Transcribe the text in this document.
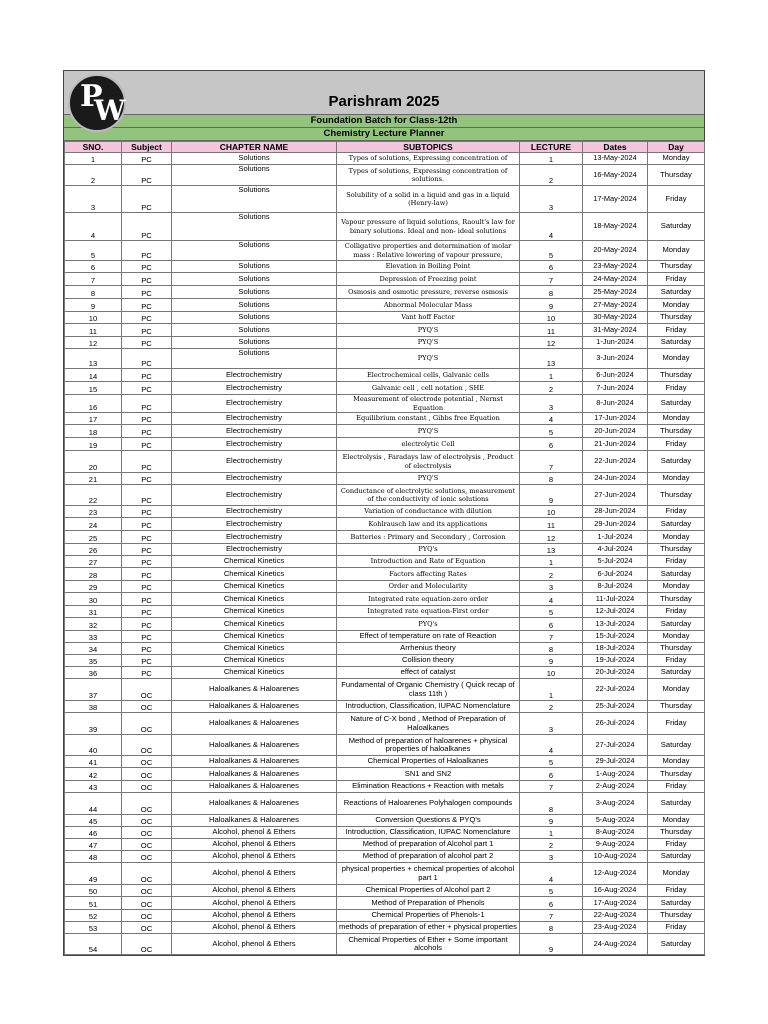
P
W	Parishram 2025
Foundation Batch for Class-12th
Chemistry Lecture Planner
SNO.	Subject	CHAPTER NAME	SUBTOPICS	LECTURE	Dates	Day
1	PC	Solutions	Types of solutions, Expressing concentration of	1	13-May-2024	Monday
2	PC	Solutions	Types of solutions, Expressing concentration of solutions.	2	16-May-2024	Thursday
3	PC	Solutions	Solubility of a solid in a liquid and gas in a liquid (Henry-law)	3	17-May-2024	Friday
4	PC	Solutions	Vapour pressure of liquid solutions, Raoult's law for binary solutions. Ideal and non- ideal solutions	4	18-May-2024	Saturday
5	PC	Solutions	Colligative properties and determination of molar mass : Relative lowering of vapour pressure,	5	20-May-2024	Monday
6	PC	Solutions	Elevation in Boiling Point	6	23-May-2024	Thursday
7	PC	Solutions	Depression of Freezing point	7	24-May-2024	Friday
8	PC	Solutions	Osmosis and osmotic pressure, reverse osmosis	8	25-May-2024	Saturday
9	PC	Solutions	Abnormal Molecular Mass	9	27-May-2024	Monday
10	PC	Solutions	Vant hoff Factor	10	30-May-2024	Thursday
11	PC	Solutions	PYQ'S	11	31-May-2024	Friday
12	PC	Solutions	PYQ'S	12	1-Jun-2024	Saturday
13	PC	Solutions	PYQ'S	13	3-Jun-2024	Monday
14	PC	Electrochemistry	Electrochemical cells, Galvanic cells	1	6-Jun-2024	Thursday
15	PC	Electrochemistry	Galvanic cell , cell notation , SHE	2	7-Jun-2024	Friday
16	PC	Electrochemistry	Measurement of electrode potential , Nernst Equation	3	8-Jun-2024	Saturday
17	PC	Electrochemistry	Equilibrium constant , Gibbs free Equation	4	17-Jun-2024	Monday
18	PC	Electrochemistry	PYQ'S	5	20-Jun-2024	Thursday
19	PC	Electrochemistry	electrolytic Cell	6	21-Jun-2024	Friday
20	PC	Electrochemistry	Electrolysis , Faradays law of electrolysis , Product of electrolysis	7	22-Jun-2024	Saturday
21	PC	Electrochemistry	PYQ'S	8	24-Jun-2024	Monday
22	PC	Electrochemistry	Conductance of electrolytic solutions, measurement of the conductivity of ionic solutions	9	27-Jun-2024	Thursday
23	PC	Electrochemistry	Variation of conductance with dilution	10	28-Jun-2024	Friday
24	PC	Electrochemistry	Kohlrausch law and its applications	11	29-Jun-2024	Saturday
25	PC	Electrochemistry	Batteries : Primary and Secondary , Corrosion	12	1-Jul-2024	Monday
26	PC	Electrochemistry	PYQ's	13	4-Jul-2024	Thursday
27	PC	Chemical Kinetics	Introduction and Rate of Equation	1	5-Jul-2024	Friday
28	PC	Chemical Kinetics	Factors affecting Rates	2	6-Jul-2024	Saturday
29	PC	Chemical Kinetics	Order and Molecularity	3	8-Jul-2024	Monday
30	PC	Chemical Kinetics	Integrated rate equation-zero order	4	11-Jul-2024	Thursday
31	PC	Chemical Kinetics	Integrated rate equation-First order	5	12-Jul-2024	Friday
32	PC	Chemical Kinetics	PYQ's	6	13-Jul-2024	Saturday
33	PC	Chemical Kinetics	Effect of temperature on rate of Reaction	7	15-Jul-2024	Monday
34	PC	Chemical Kinetics	Arrhenius theory	8	18-Jul-2024	Thursday
35	PC	Chemical Kinetics	Collision theory	9	19-Jul-2024	Friday
36	PC	Chemical Kinetics	effect of catalyst	10	20-Jul-2024	Saturday
37	OC	Haloalkanes & Haloarenes	Fundamental of Organic Chemistry ( Quick recap of class 11th )	1	22-Jul-2024	Monday
38	OC	Haloalkanes & Haloarenes	Introduction, Classification, IUPAC Nomenclature	2	25-Jul-2024	Thursday
39	OC	Haloalkanes & Haloarenes	Nature of C-X bond , Method of Preparation of Haloalkanes	3	26-Jul-2024	Friday
40	OC	Haloalkanes & Haloarenes	Method of preparation of haloarenes + physical properties of haloalkanes	4	27-Jul-2024	Saturday
41	OC	Haloalkanes & Haloarenes	Chemical Properties of Haloalkanes	5	29-Jul-2024	Monday
42	OC	Haloalkanes & Haloarenes	SN1 and SN2	6	1-Aug-2024	Thursday
43	OC	Haloalkanes & Haloarenes	Elimination Reactions + Reaction with metals	7	2-Aug-2024	Friday
44	OC	Haloalkanes & Haloarenes	Reactions of Haloarenes Polyhalogen compounds	8	3-Aug-2024	Saturday
45	OC	Haloalkanes & Haloarenes	Conversion Questions & PYQ's	9	5-Aug-2024	Monday
46	OC	Alcohol, phenol & Ethers	Introduction, Classification, IUPAC Nomenclature	1	8-Aug-2024	Thursday
47	OC	Alcohol, phenol & Ethers	Method of preparation of Alcohol part 1	2	9-Aug-2024	Friday
48	OC	Alcohol, phenol & Ethers	Method of preparation of alcohol part 2	3	10-Aug-2024	Saturday
49	OC	Alcohol, phenol & Ethers	physical properties + chemical properties of alcohol part 1	4	12-Aug-2024	Monday
50	OC	Alcohol, phenol & Ethers	Chemical Properties of Alcohol part 2	5	16-Aug-2024	Friday
51	OC	Alcohol, phenol & Ethers	Method of Preparation of Phenols	6	17-Aug-2024	Saturday
52	OC	Alcohol, phenol & Ethers	Chemical Properties of Phenols-1	7	22-Aug-2024	Thursday
53	OC	Alcohol, phenol & Ethers	methods of preparation of ether + physical properties	8	23-Aug-2024	Friday
54	OC	Alcohol, phenol & Ethers	Chemical Properties of Ether + Some important alcohols	9	24-Aug-2024	Saturday
